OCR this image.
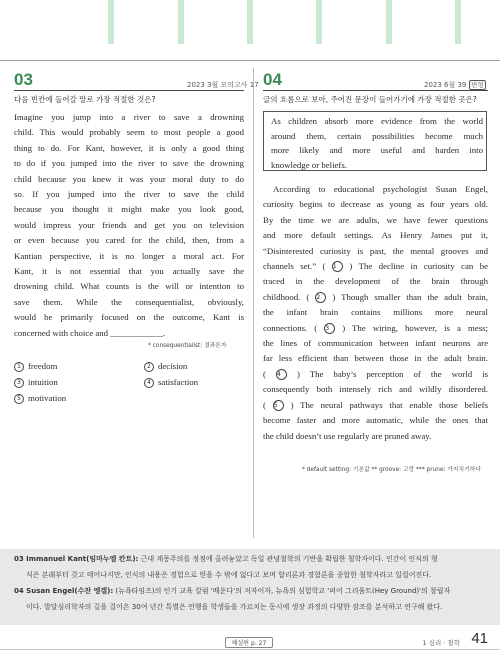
03	2023 3월 모의고사 17
다음 빈칸에 들어갈 말로 가장 적절한 것은?
Imagine you jump into a river to save a drowning
child. This would probably seem to most people a good
thing to do. For Kant, however, it is only a good thing
to do if you jumped into the river to save the drowning
child because you knew it was your moral duty to do
so. If you jumped into the river to save the child
because you thought it might make you look good,
would impress your friends and get you on television
or even because you cared for the child, then, from a
Kantian perspective, it is no longer a moral act. For
Kant, it is not essential that you actually save the
drowning child. What counts is the will or intention to
save them. While the consequentialist, obviously,
would be primarily focused on the outcome, Kant is
concerned with choice and ____________.
* consequentialist: 결과론자
1 freedom	2 decision
3 intuition	4 satisfaction
5 motivation
04	2023 6월 39 변형
글의 흐름으로 보아, 주어진 문장이 들어가기에 가장 적절한 곳은?
As children absorb more evidence from the world
around them, certain possibilities become much
more likely and more useful and harden into
knowledge or beliefs.
According to educational psychologist Susan Engel,
curiosity begins to decrease as young as four years old.
By the time we are adults, we have fewer questions
and more default settings. As Henry James put it,
“Disinterested curiosity is past, the mental grooves and
channels set.” ( 1 ) The decline in curiosity can be
traced in the development of the brain through
childhood. ( 2 ) Though smaller than the adult brain,
the infant brain contains millions more neural
connections. ( 3 ) The wiring, however, is a mess;
the lines of communication between infant neurons are
far less efficient than between those in the adult brain.
( 4 ) The baby’s perception of the world is
consequently both intensely rich and wildly disordered.
( 5 ) The neural pathways that enable those beliefs
become faster and more automatic, while the ones that
the child doesn’t use regularly are pruned away.
* default setting: 기본값 ** groove: 고랑 *** prune: 가지치기하다
03 Immanuel Kant(임마누엘 칸트): 근대 계몽주의를 정점에 올려놓았고 독일 관념철학의 기반을 확립한 철학자이다. 인간이 인식의 형
식은 본래부터 갖고 태어나지만, 인식의 내용은 경험으로 얻을 수 밖에 없다고 보며 합리론과 경험론을 종합한 철학자라고 일컬어진다.
04 Susan Engel(수잔 엥겔): (뉴욕타임즈)의 인기 교육 칼럼 '배운다'의 저자이자, 뉴욕의 심험학교 '퍼어 그리움트(Hey Ground)'의 창립자
이다. 발달심리학자의 길을 걸어온 30여 년간 특별은 언행을 학생들을 가르치는 동시에 생장 과정의 다양한 잠조를 분석하고 연구해 왔다.
해설편 p. 27	1 심리 · 철학 41
